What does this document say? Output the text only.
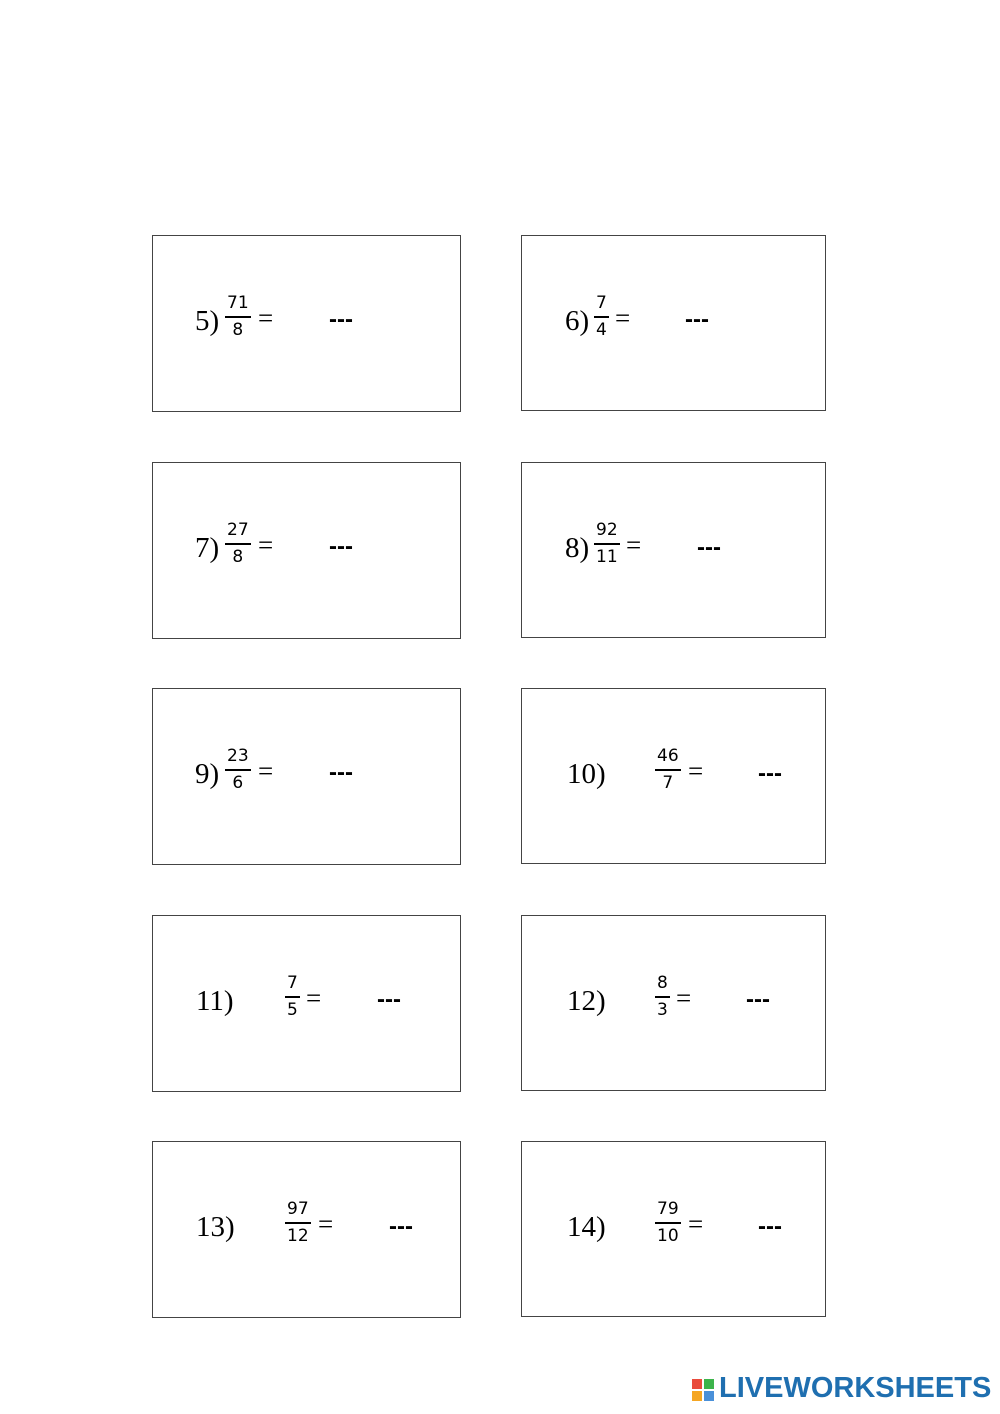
5)
71
8 = ---	6)
7
4 = ---
7)
27
8 = ---	8)
92
11 = ---
9)
23
6 = ---	10)
46
7 = ---
11)
7
5 = ---	12)
8
3 = ---
13)
97
12 = ---	14)
79
10 = ---
LIVEWORKSHEETS
